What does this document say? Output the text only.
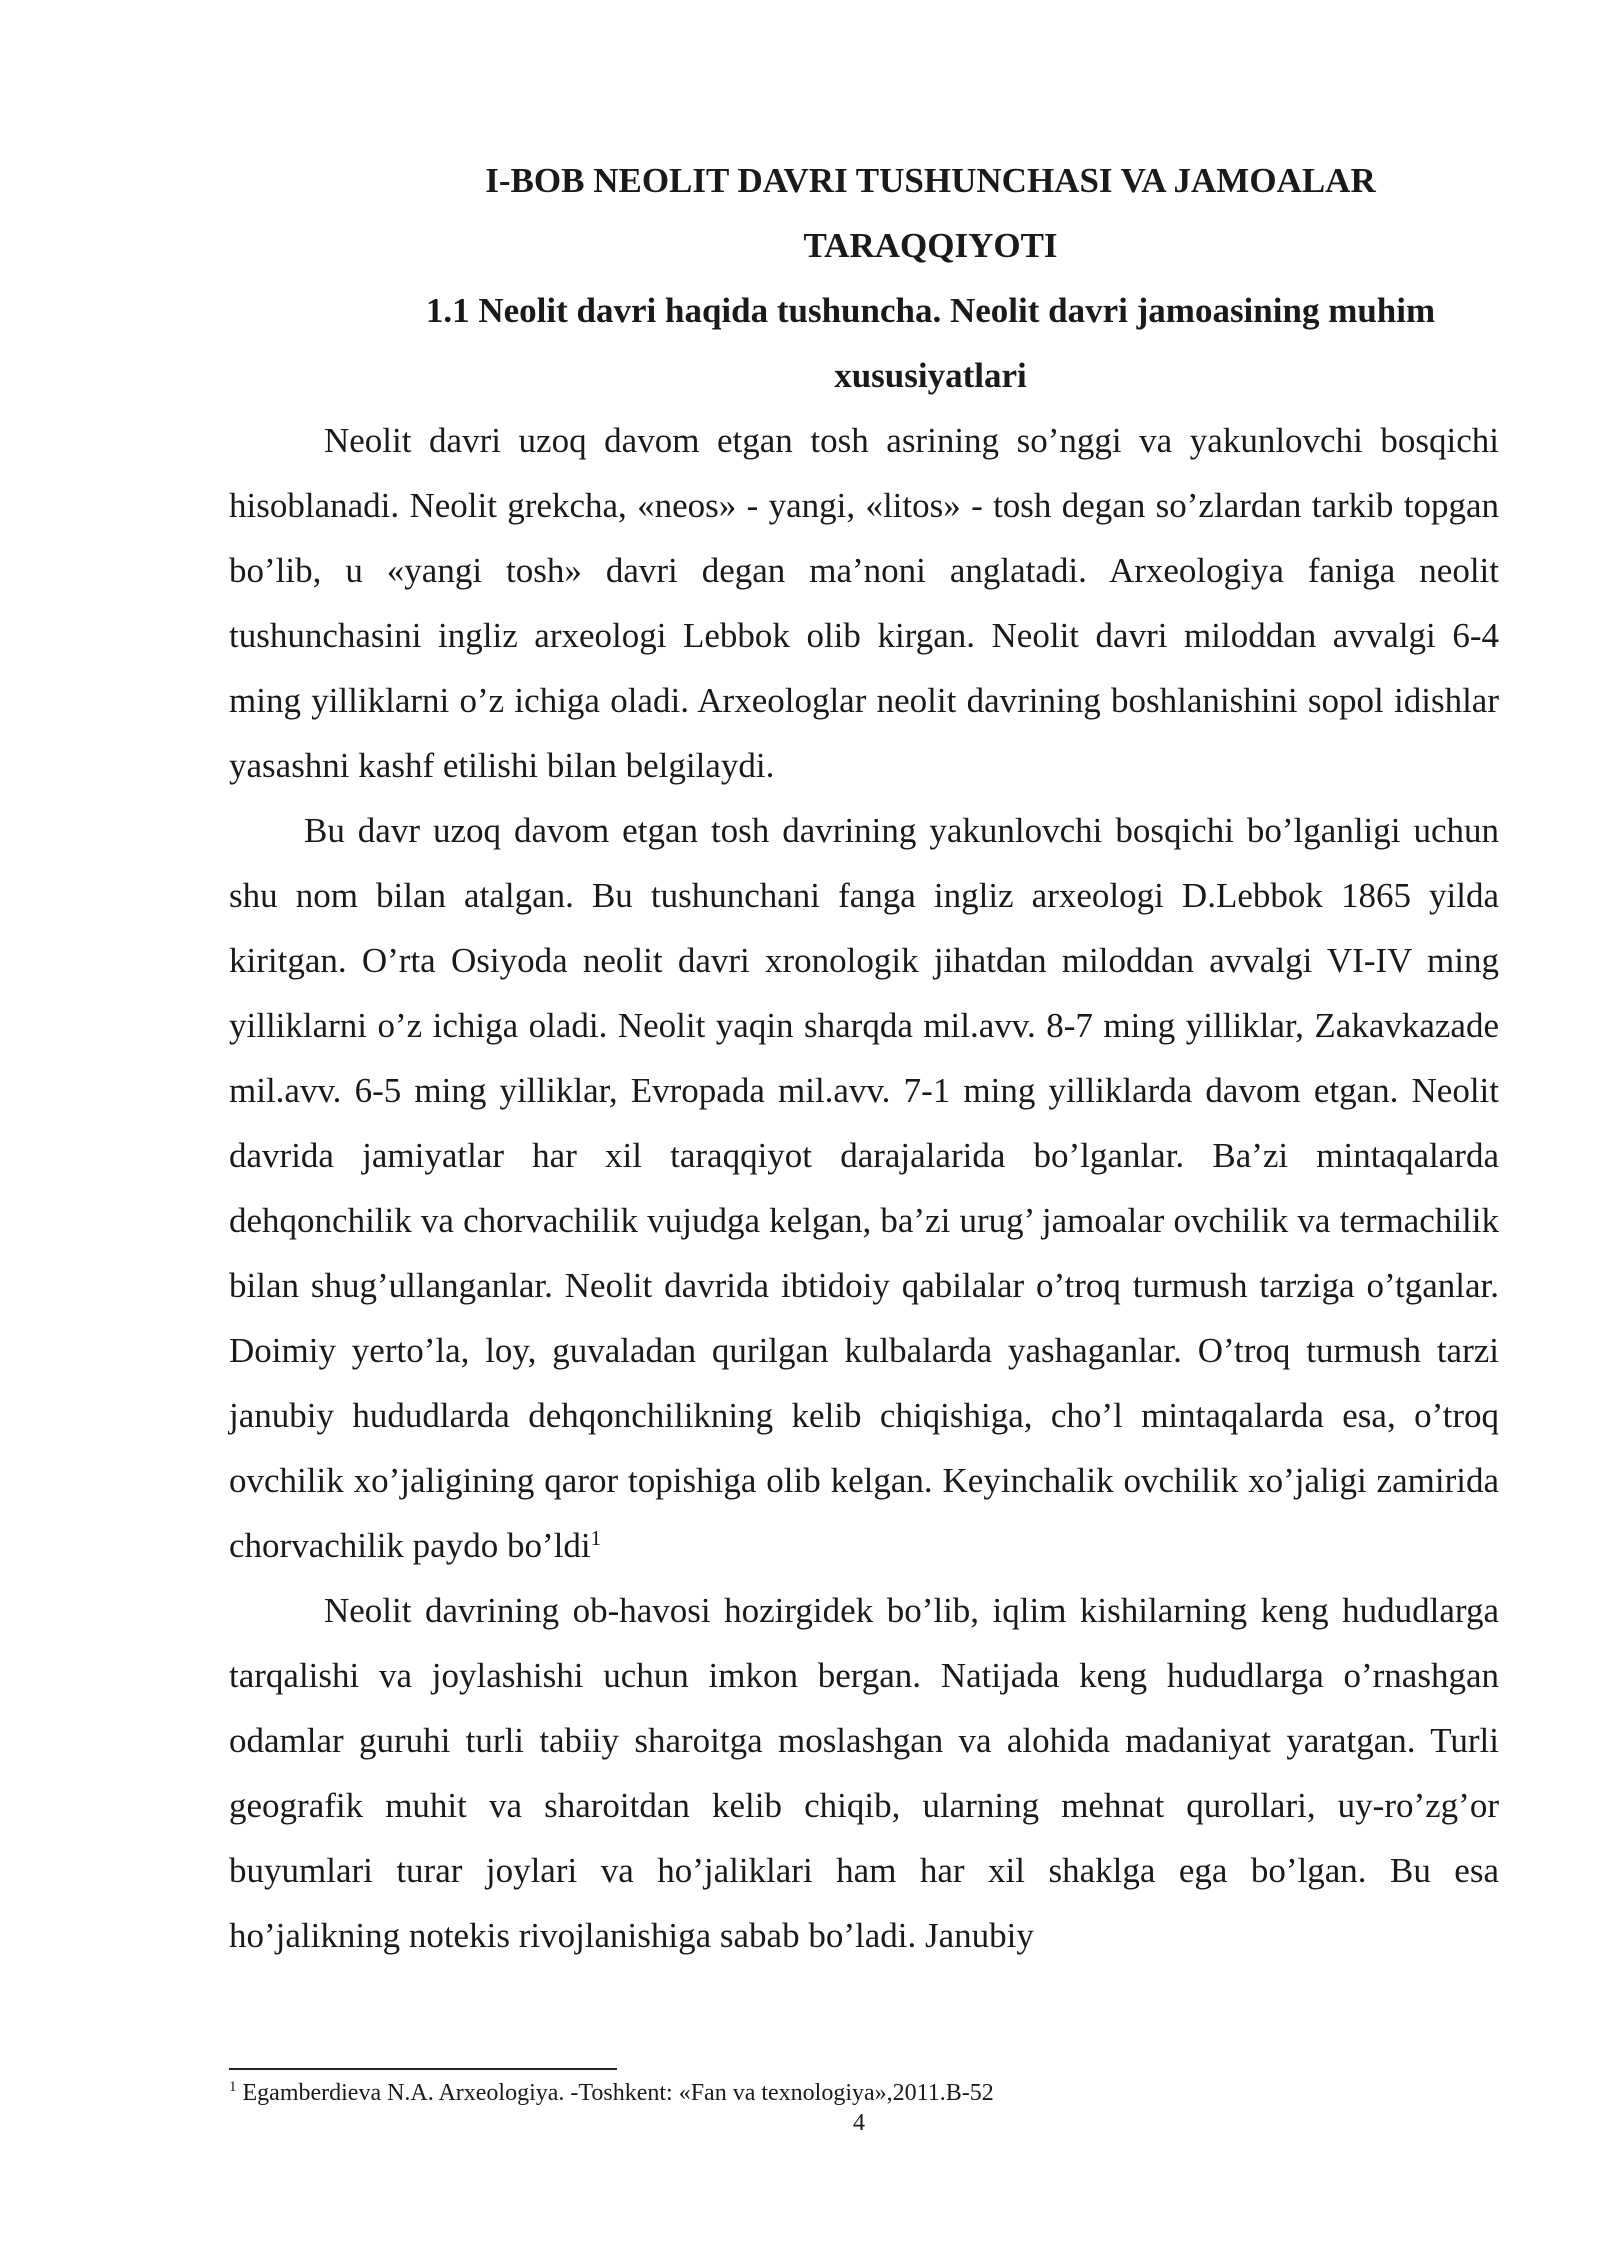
I-BOB NEOLIT DAVRI TUSHUNCHASI VA JAMOALAR TARAQQIYOTI
1.1 Neolit davri haqida tushuncha. Neolit davri jamoasining muhim xususiyatlari

Neolit davri uzoq davom etgan tosh asrining so’nggi va yakunlovchi bosqichi hisoblanadi. Neolit grekcha, «neos» - yangi, «litos» - tosh degan so’zlardan tarkib topgan bo’lib, u «yangi tosh» davri degan ma’noni anglatadi. Arxeologiya faniga neolit tushunchasini ingliz arxeologi Lebbok olib kirgan. Neolit davri miloddan avvalgi 6-4 ming yilliklarni o’z ichiga oladi. Arxeologlar neolit davrining boshlanishini sopol idishlar yasashni kashf etilishi bilan belgilaydi.

Bu davr uzoq davom etgan tosh davrining yakunlovchi bosqichi bo’lganligi uchun shu nom bilan atalgan. Bu tushunchani fanga ingliz arxeologi D.Lebbok 1865 yilda kiritgan. O’rta Osiyoda neolit davri xronologik jihatdan miloddan avvalgi VI-IV ming yilliklarni o’z ichiga oladi. Neolit yaqin sharqda mil.avv. 8-7 ming yilliklar, Zakavkazade mil.avv. 6-5 ming yilliklar, Evropada mil.avv. 7-1 ming yilliklarda davom etgan. Neolit davrida jamiyatlar har xil taraqqiyot darajalarida bo’lganlar. Ba’zi mintaqalarda dehqonchilik va chorvachilik vujudga kelgan, ba’zi urug’ jamoalar ovchilik va termachilik bilan shug’ullanganlar. Neolit davrida ibtidoiy qabilalar o’troq turmush tarziga o’tganlar. Doimiy yerto’la, loy, guvaladan qurilgan kulbalarda yashaganlar. O’troq turmush tarzi janubiy hududlarda dehqonchilikning kelib chiqishiga, cho’l mintaqalarda esa, o’troq ovchilik xo’jaligining qaror topishiga olib kelgan. Keyinchalik ovchilik xo’jaligi zamirida chorvachilik paydo bo’ldi$^1$

Neolit davrining ob-havosi hozirgidek bo’lib, iqlim kishilarning keng hududlarga tarqalishi va joylashishi uchun imkon bergan. Natijada keng hududlarga o’rnashgan odamlar guruhi turli tabiiy sharoitga moslashgan va alohida madaniyat yaratgan. Turli geografik muhit va sharoitdan kelib chiqib, ularning mehnat qurollari, uy-ro’zg’or buyumlari turar joylari va ho’jaliklari ham har xil shaklga ega bo’lgan. Bu esa ho’jalikning notekis rivojlanishiga sabab bo’ladi. Janubiy

$^1$ Egamberdieva N.A. Arxeologiya. -Toshkent: «Fan va texnologiya»,2011.B-52
4
